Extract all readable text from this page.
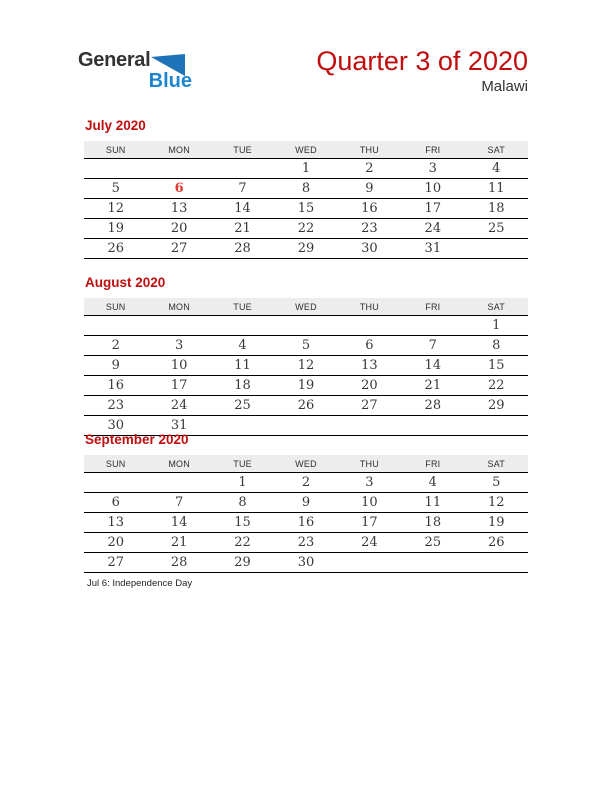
General
Blue
Quarter 3 of 2020
Malawi
July 2020
SUN	MON	TUE	WED	THU	FRI	SAT
			1	2	3	4
5	6	7	8	9	10	11
12	13	14	15	16	17	18
19	20	21	22	23	24	25
26	27	28	29	30	31	
August 2020
SUN	MON	TUE	WED	THU	FRI	SAT
						1
2	3	4	5	6	7	8
9	10	11	12	13	14	15
16	17	18	19	20	21	22
23	24	25	26	27	28	29
30	31					
September 2020
SUN	MON	TUE	WED	THU	FRI	SAT
		1	2	3	4	5
6	7	8	9	10	11	12
13	14	15	16	17	18	19
20	21	22	23	24	25	26
27	28	29	30			
Jul 6: Independence Day
